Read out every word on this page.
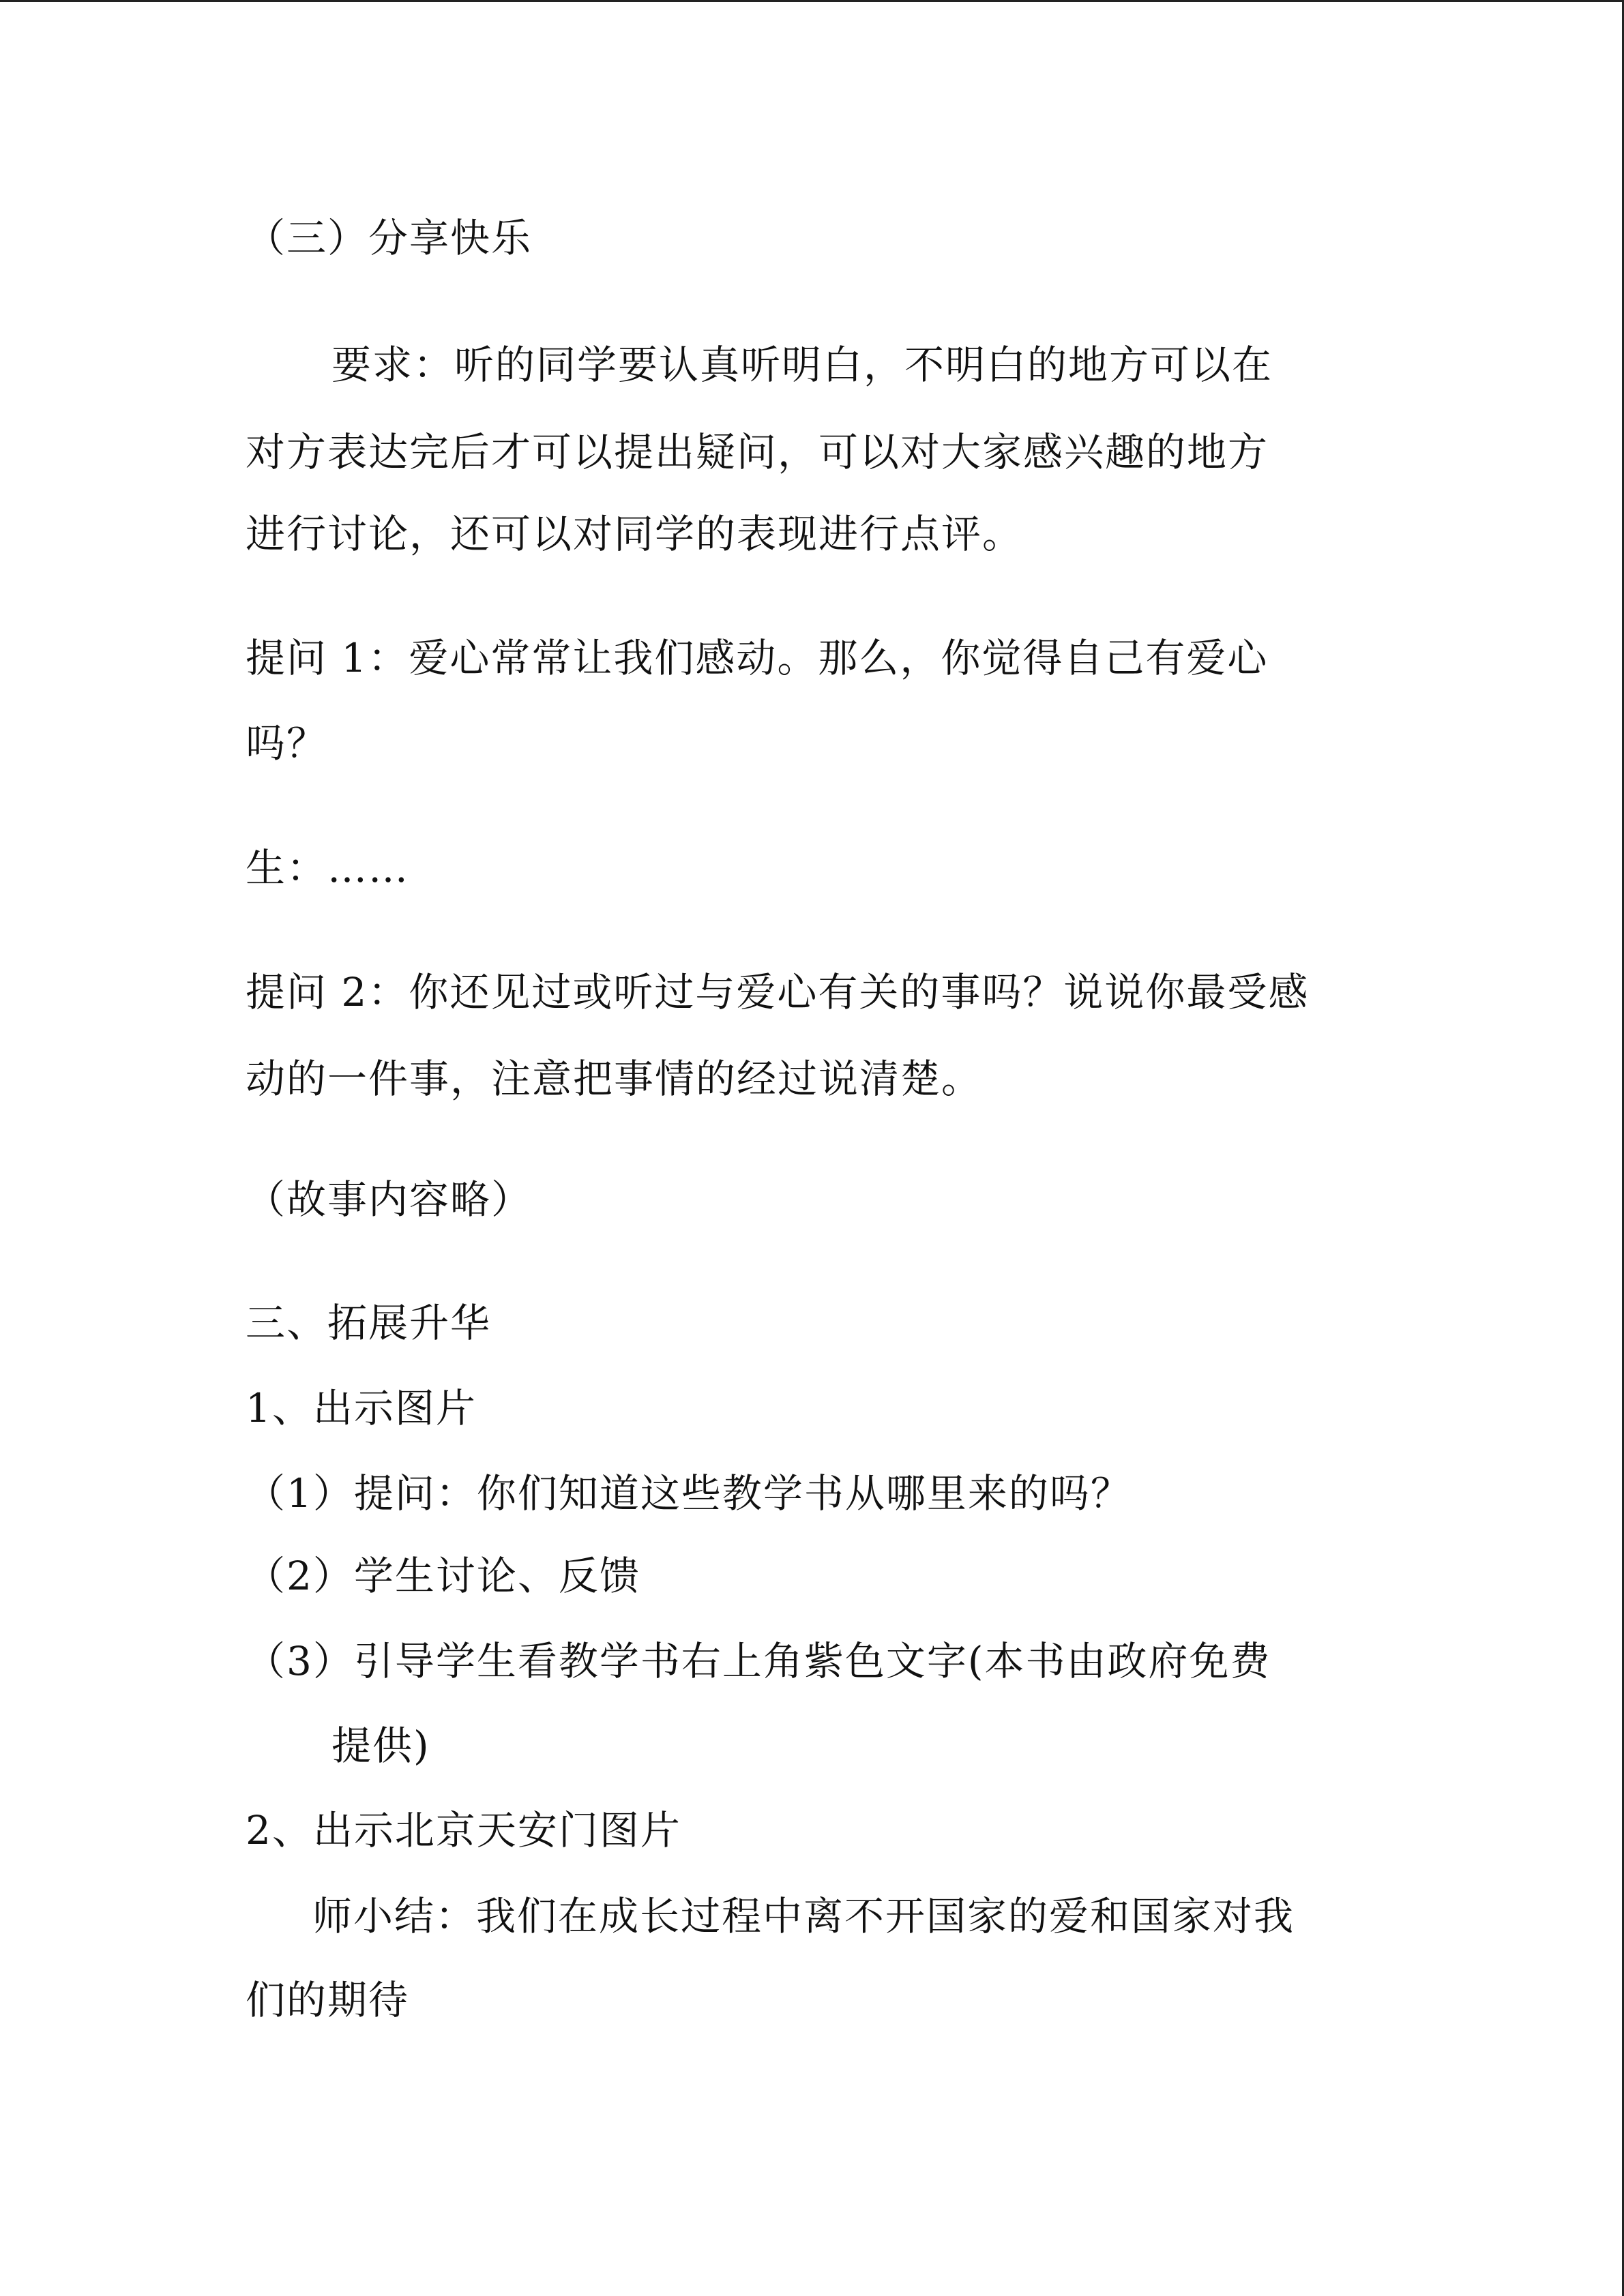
（三）分享快乐

要求：听的同学要认真听明白，不明白的地方可以在

对方表达完后才可以提出疑问，可以对大家感兴趣的地方

进行讨论，还可以对同学的表现进行点评。

提问 1：爱心常常让我们感动。那么，你觉得自己有爱心

吗？

生：……

提问 2：你还见过或听过与爱心有关的事吗？说说你最受感

动的一件事，注意把事情的经过说清楚。

（故事内容略）

三、拓展升华

1、出示图片

（1）提问：你们知道这些教学书从哪里来的吗？

（2）学生讨论、反馈

（3）引导学生看教学书右上角紫色文字(本书由政府免费

提供)

2、出示北京天安门图片

师小结：我们在成长过程中离不开国家的爱和国家对我

们的期待
